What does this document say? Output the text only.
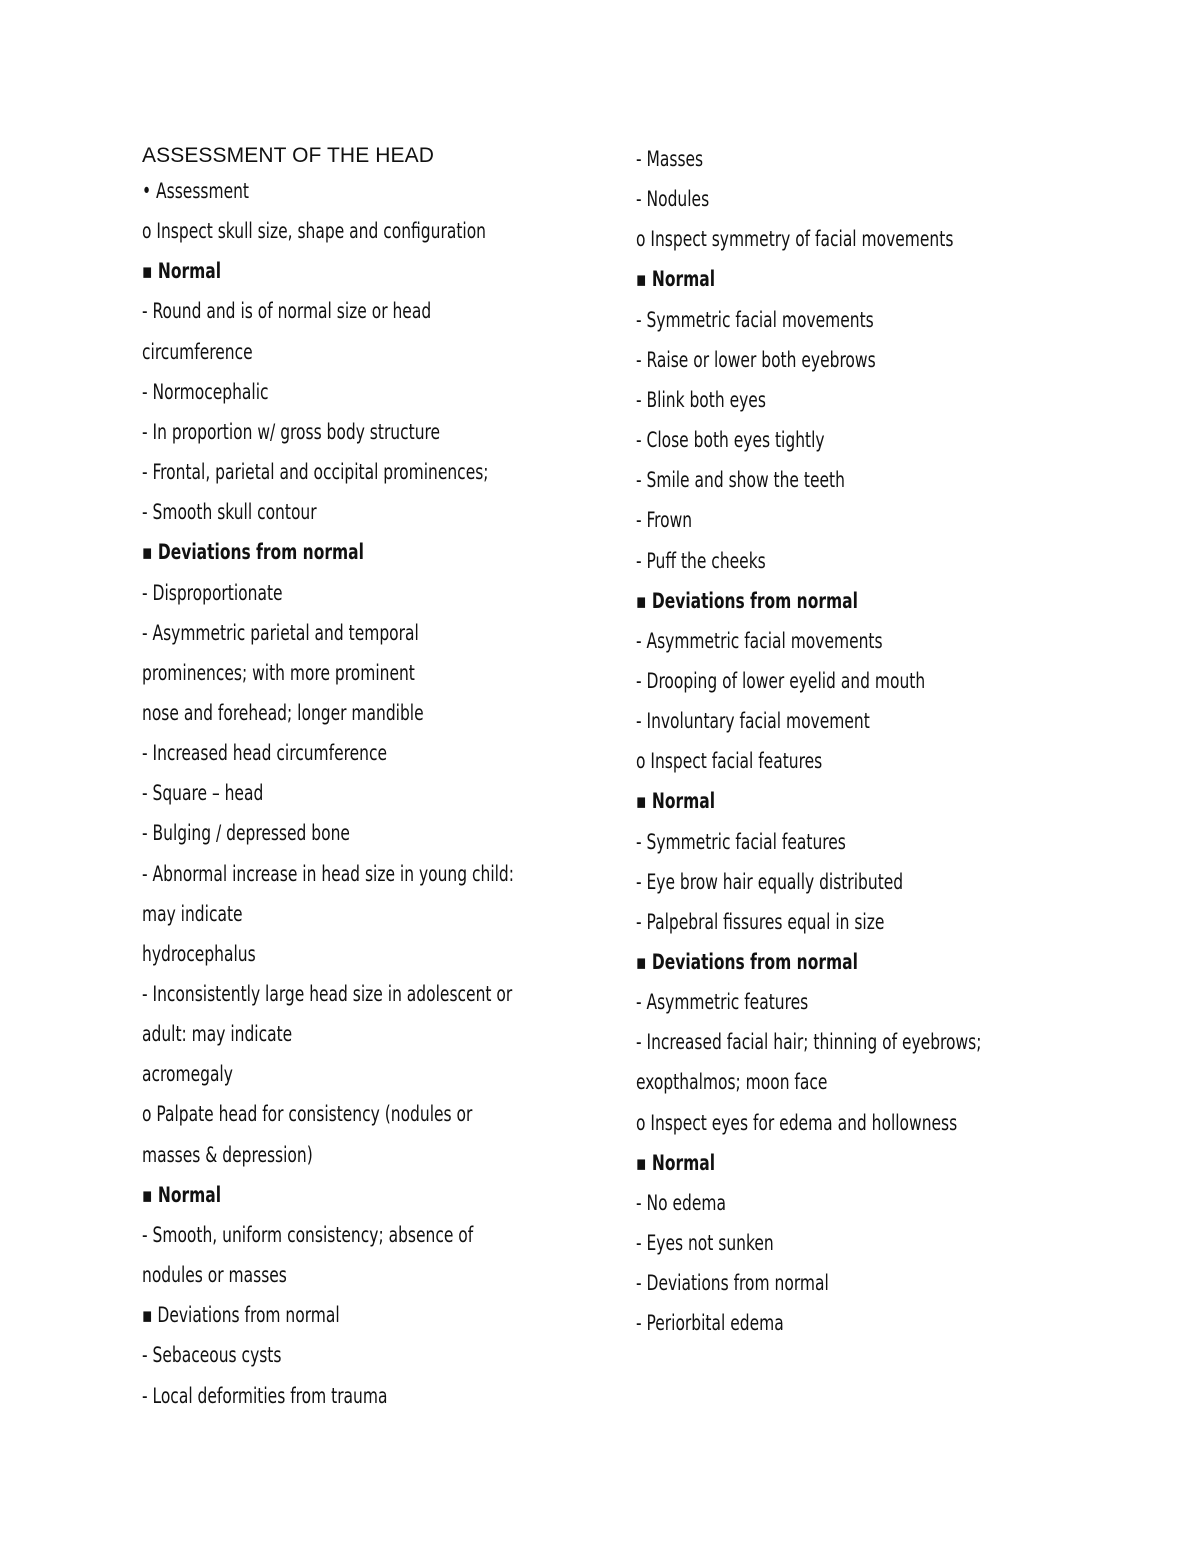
ASSESSMENT OF THE HEAD
• Assessment
o Inspect skull size, shape and configuration
▪ Normal
- Round and is of normal size or head
circumference
- Normocephalic
- In proportion w/ gross body structure
- Frontal, parietal and occipital prominences;
- Smooth skull contour
▪ Deviations from normal
- Disproportionate
- Asymmetric parietal and temporal
prominences; with more prominent
nose and forehead; longer mandible
- Increased head circumference
- Square – head
- Bulging / depressed bone
- Abnormal increase in head size in young child:
may indicate
hydrocephalus
- Inconsistently large head size in adolescent or
adult: may indicate
acromegaly
o Palpate head for consistency (nodules or
masses & depression)
▪ Normal
- Smooth, uniform consistency; absence of
nodules or masses
▪ Deviations from normal
- Sebaceous cysts
- Local deformities from trauma
- Masses
- Nodules
o Inspect symmetry of facial movements
▪ Normal
- Symmetric facial movements
- Raise or lower both eyebrows
- Blink both eyes
- Close both eyes tightly
- Smile and show the teeth
- Frown
- Puff the cheeks
▪ Deviations from normal
- Asymmetric facial movements
- Drooping of lower eyelid and mouth
- Involuntary facial movement
o Inspect facial features
▪ Normal
- Symmetric facial features
- Eye brow hair equally distributed
- Palpebral fissures equal in size
▪ Deviations from normal
- Asymmetric features
- Increased facial hair; thinning of eyebrows;
exopthalmos; moon face
o Inspect eyes for edema and hollowness
▪ Normal
- No edema
- Eyes not sunken
- Deviations from normal
- Periorbital edema
